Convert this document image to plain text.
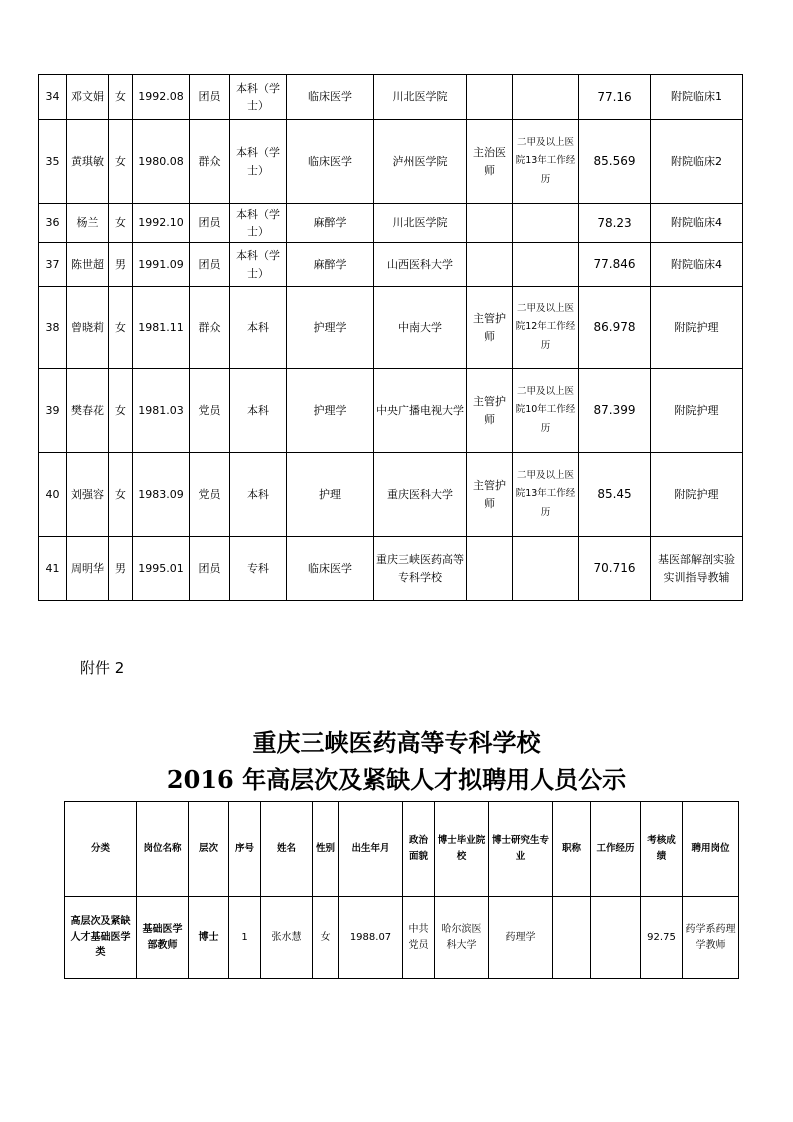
34	邓文娟	女	1992.08	团员	本科（学士）	临床医学	川北医学院			77.16	附院临床1
35	黄琪敏	女	1980.08	群众	本科（学士）	临床医学	泸州医学院	主治医师	二甲及以上医院13年工作经历	85.569	附院临床2
36	杨兰	女	1992.10	团员	本科（学士）	麻醉学	川北医学院			78.23	附院临床4
37	陈世超	男	1991.09	团员	本科（学士）	麻醉学	山西医科大学			77.846	附院临床4
38	曾晓莉	女	1981.11	群众	本科	护理学	中南大学	主管护师	二甲及以上医院12年工作经历	86.978	附院护理
39	樊春花	女	1981.03	党员	本科	护理学	中央广播电视大学	主管护师	二甲及以上医院10年工作经历	87.399	附院护理
40	刘强容	女	1983.09	党员	本科	护理	重庆医科大学	主管护师	二甲及以上医院13年工作经历	85.45	附院护理
41	周明华	男	1995.01	团员	专科	临床医学	重庆三峡医药高等专科学校			70.716	基医部解剖实验实训指导教辅
附件 2
重庆三峡医药高等专科学校
2016 年高层次及紧缺人才拟聘用人员公示
分类	岗位名称	层次	序号	姓名	性别	出生年月	政治面貌	博士毕业院校	博士研究生专业	职称	工作经历	考核成绩	聘用岗位
高层次及紧缺人才基础医学类	基础医学部教师	博士	1	张水慧	女	1988.07	中共党员	哈尔滨医科大学	药理学			92.75	药学系药理学教师
